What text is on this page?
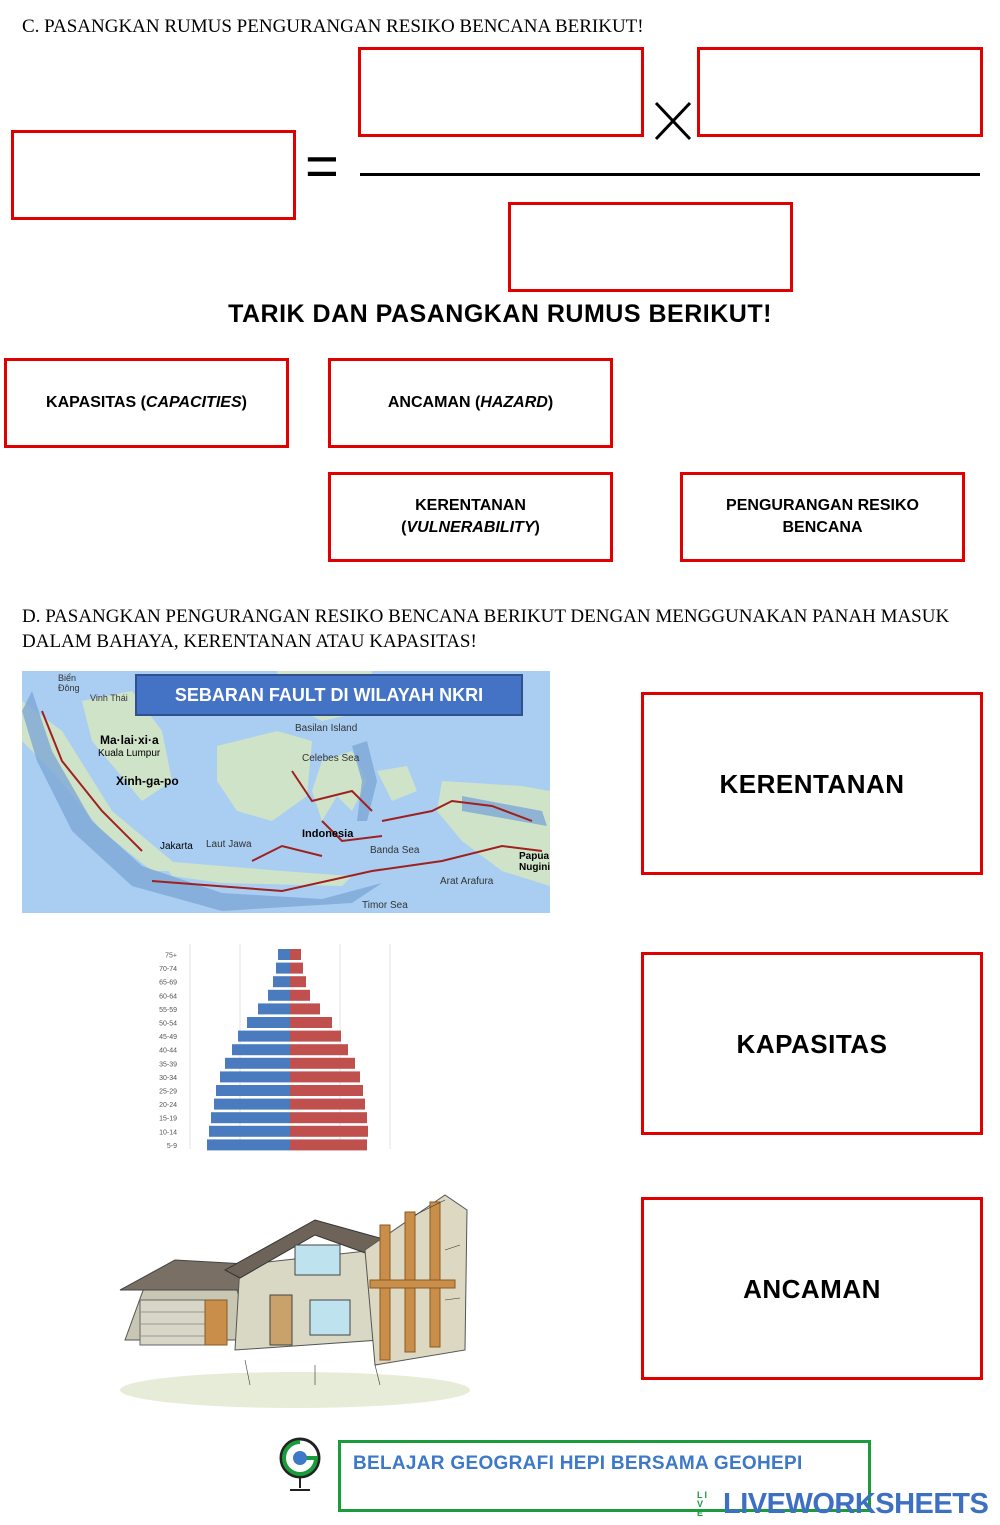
C. PASANGKAN RUMUS PENGURANGAN RESIKO BENCANA BERIKUT!
=
TARIK DAN PASANGKAN RUMUS BERIKUT!
KAPASITAS (CAPACITIES)	ANCAMAN (HAZARD)
KERENTANAN
(VULNERABILITY)
PENGURANGAN RESIKO
BENCANA
D. PASANGKAN PENGURANGAN RESIKO BENCANA BERIKUT DENGAN MENGGUNAKAN PANAH MASUK DALAM BAHAYA, KERENTANAN ATAU KAPASITAS!
SEBARAN FAULT DI WILAYAH NKRI
Ma·lai·xi·a
Kuala Lumpur
Xinh-ga-po
Basilan Island
Celebes Sea
Jakarta Laut Jawa
Indonesia
Banda Sea
Arat Arafura
Timor Sea
Papua Nugini
Vinh Thái
Biển Đông
75+
70-74
65-69
60-64
55-59
50-54
45-49
40-44
35-39
30-34
25-29
20-24
15-19
10-14
5-9
KERENTANAN
KAPASITAS
ANCAMAN
BELAJAR GEOGRAFI HEPI BERSAMA GEOHEPI
LIVE LIVEWORKSHEETS
